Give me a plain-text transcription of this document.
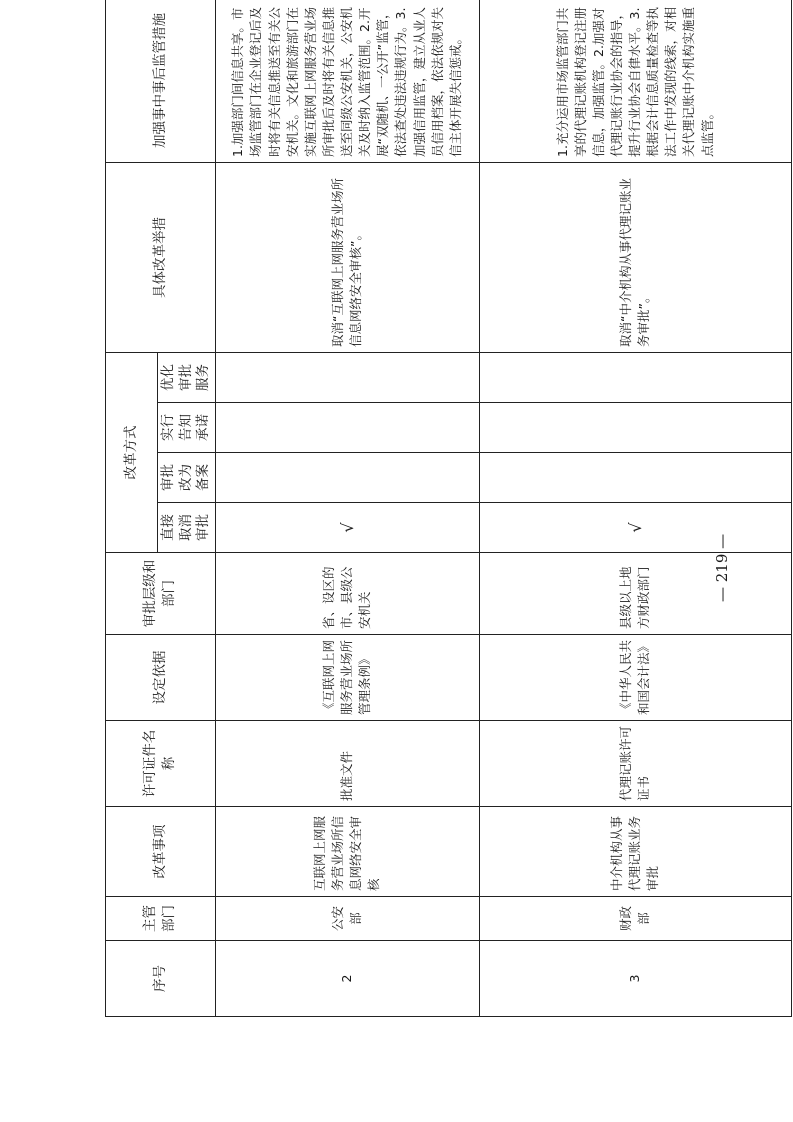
序号	主管部门	改革事项	许可证件名称	设定依据	审批层级和部门	改革方式				具体改革举措	加强事中事后监管措施
						直接取消审批	审批改为备案	实行告知承诺	优化审批服务		
2	公安部	互联网上网服务营业场所信息网络安全审核	批准文件	《互联网上网服务营业场所管理条例》	省、设区的市、县级公安机关	√				取消“互联网上网服务营业场所信息网络安全审核”。	1.加强部门间信息共享。市场监管部门在企业登记后及时将有关信息推送至有关公安机关。文化和旅游部门在实施互联网上网服务营业场所审批后及时将有关信息推送至同级公安机关，公安机关及时纳入监管范围。2.开展“双随机、一公开”监管，依法查处违法违规行为。3.加强信用监管，建立从业人员信用档案，依法依规对失信主体开展失信惩戒。
3	财政部	中介机构从事代理记账业务审批	代理记账许可证书	《中华人民共和国会计法》	县级以上地方财政部门	√				取消“中介机构从事代理记账业务审批”。	1.充分运用市场监管部门共享的代理记账机构登记注册信息，加强监管。2.加强对代理记账行业协会的指导，提升行业协会自律水平。3.根据会计信息质量检查等执法工作中发现的线索，对相关代理记账中介机构实施重点监管。
— 219 —
